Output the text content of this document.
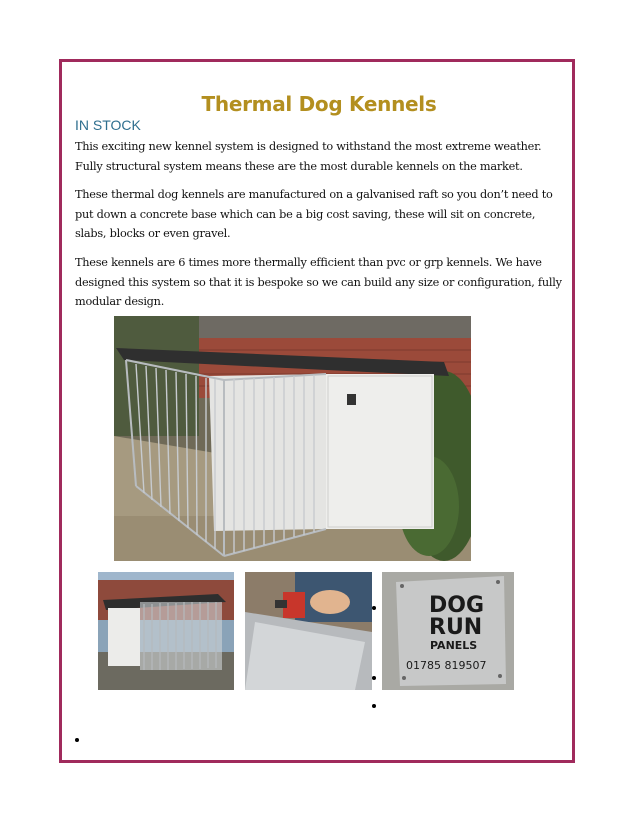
Thermal Dog Kennels
IN STOCK

This exciting new kennel system is designed to withstand the most extreme weather. Fully structural system means these are the most durable kennels on the market.

These thermal dog kennels are manufactured on a galvanised raft so you don’t need to put down a concrete base which can be a big cost saving, these will sit on concrete, slabs, blocks or even gravel.

These kennels are 6 times more thermally efficient than pvc or grp kennels. We have designed this system so that it is bespoke so we can build any size or configuration, fully modular design.

DOG
RUN
PANELS
01785 819507
